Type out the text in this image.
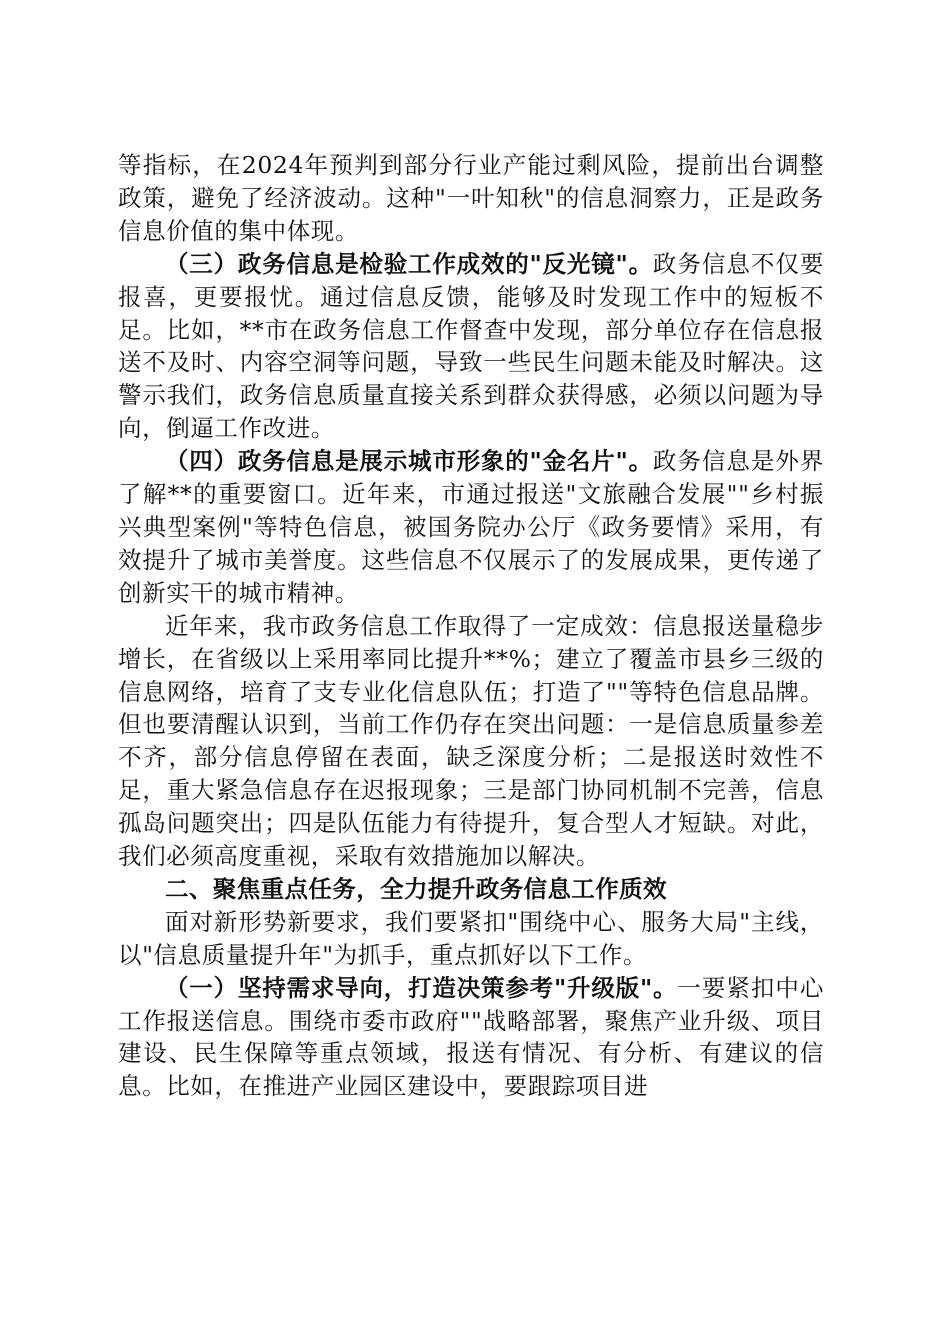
等指标，在2024年预判到部分行业产能过剩风险，提前出台调整政策，避免了经济波动。这种"一叶知秋"的信息洞察力，正是政务信息价值的集中体现。

（三）政务信息是检验工作成效的"反光镜"。政务信息不仅要报喜，更要报忧。通过信息反馈，能够及时发现工作中的短板不足。比如，**市在政务信息工作督查中发现，部分单位存在信息报送不及时、内容空洞等问题，导致一些民生问题未能及时解决。这警示我们，政务信息质量直接关系到群众获得感，必须以问题为导向，倒逼工作改进。

（四）政务信息是展示城市形象的"金名片"。政务信息是外界了解**的重要窗口。近年来，市通过报送"文旅融合发展""乡村振兴典型案例"等特色信息，被国务院办公厅《政务要情》采用，有效提升了城市美誉度。这些信息不仅展示了的发展成果，更传递了创新实干的城市精神。

近年来，我市政务信息工作取得了一定成效：信息报送量稳步增长，在省级以上采用率同比提升**%；建立了覆盖市县乡三级的信息网络，培育了支专业化信息队伍；打造了""等特色信息品牌。但也要清醒认识到，当前工作仍存在突出问题：一是信息质量参差不齐，部分信息停留在表面，缺乏深度分析；二是报送时效性不足，重大紧急信息存在迟报现象；三是部门协同机制不完善，信息孤岛问题突出；四是队伍能力有待提升，复合型人才短缺。对此，我们必须高度重视，采取有效措施加以解决。

二、聚焦重点任务，全力提升政务信息工作质效

面对新形势新要求，我们要紧扣"围绕中心、服务大局"主线，以"信息质量提升年"为抓手，重点抓好以下工作。

（一）坚持需求导向，打造决策参考"升级版"。一要紧扣中心工作报送信息。围绕市委市政府""战略部署，聚焦产业升级、项目建设、民生保障等重点领域，报送有情况、有分析、有建议的信息。比如，在推进产业园区建设中，要跟踪项目进
